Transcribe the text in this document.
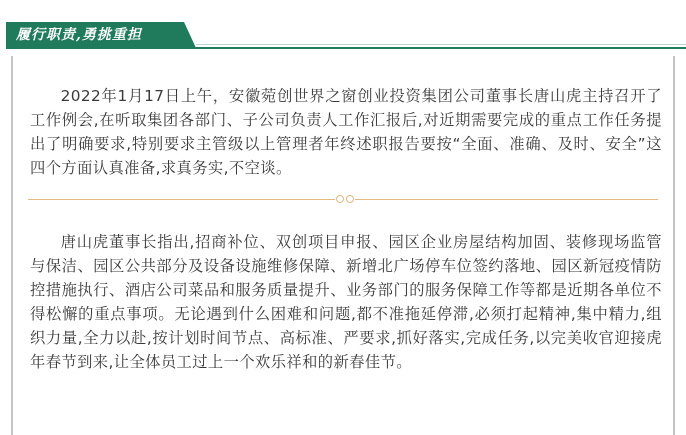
履行职责,勇挑重担

2022年1月17日上午，安徽菀创世界之窗创业投资集团公司董事长唐山虎主持召开了工作例会,在听取集团各部门、子公司负责人工作汇报后,对近期需要完成的重点工作任务提出了明确要求,特别要求主管级以上管理者年终述职报告要按“全面、准确、及时、安全”这四个方面认真准备,求真务实,不空谈。

唐山虎董事长指出,招商补位、双创项目申报、园区企业房屋结构加固、装修现场监管与保洁、园区公共部分及设备设施维修保障、新增北广场停车位签约落地、园区新冠疫情防控措施执行、酒店公司菜品和服务质量提升、业务部门的服务保障工作等都是近期各单位不得松懈的重点事项。无论遇到什么困难和问题,都不准拖延停滞,必须打起精神,集中精力,组织力量,全力以赴,按计划时间节点、高标准、严要求,抓好落实,完成任务,以完美收官迎接虎年春节到来,让全体员工过上一个欢乐祥和的新春佳节。
